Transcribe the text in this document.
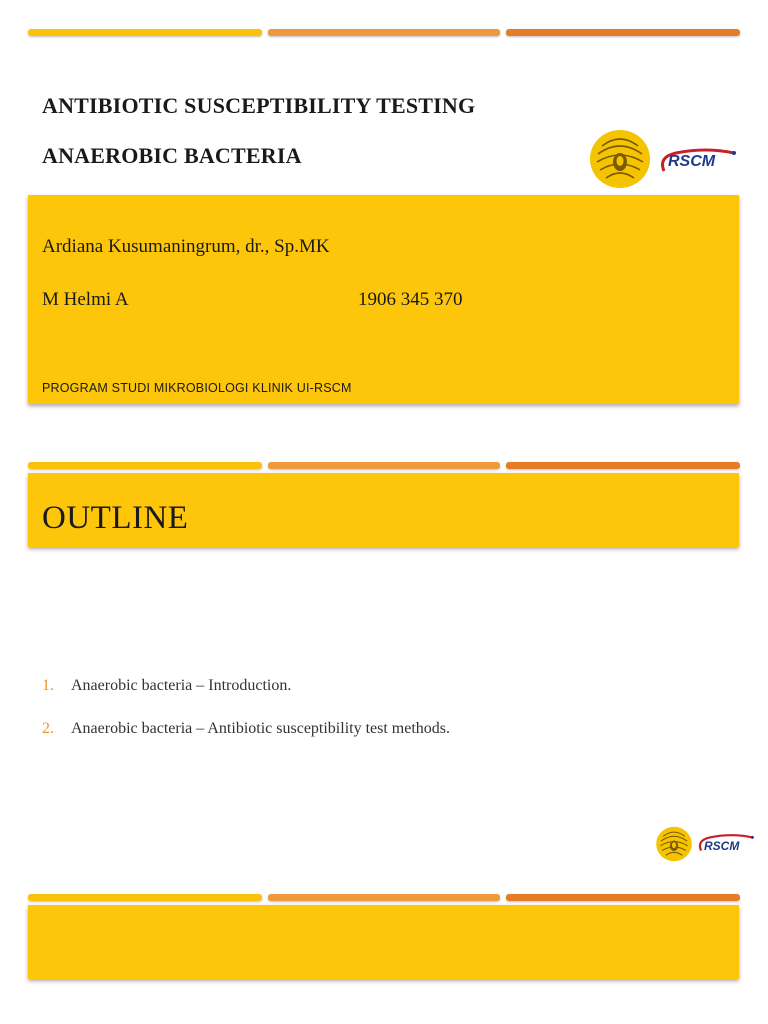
ANTIBIOTIC SUSCEPTIBILITY TESTING
ANAEROBIC BACTERIA	RSCM
Ardiana Kusumaningrum, dr., Sp.MK
M Helmi A	1906 345 370
PROGRAM STUDI MIKROBIOLOGI KLINIK UI-RSCM
OUTLINE
1.	Anaerobic bacteria – Introduction.
2.	Anaerobic bacteria – Antibiotic susceptibility test methods.
RSCM
